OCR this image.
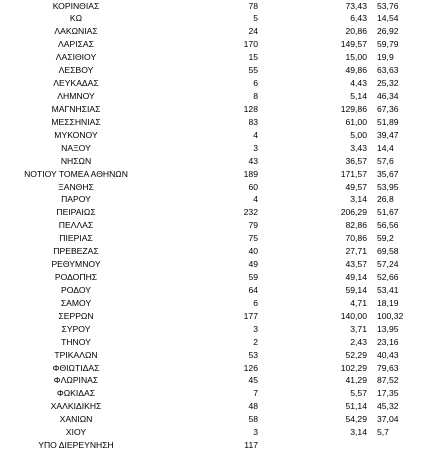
ΚΟΡΙΝΘΙΑΣ	78	73,43 53,76
ΚΩ	5	6,43 14,54
ΛΑΚΩΝΙΑΣ	24	20,86 26,92
ΛΑΡΙΣΑΣ	170	149,57 59,79
ΛΑΣΙΘΙΟΥ	15	15,00 19,9
ΛΕΣΒΟΥ	55	49,86 63,63
ΛΕΥΚΑΔΑΣ	6	4,43 25,32
ΛΗΜΝΟΥ	8	5,14 46,34
ΜΑΓΝΗΣΙΑΣ	128	129,86 67,36
ΜΕΣΣΗΝΙΑΣ	83	61,00 51,89
ΜΥΚΟΝΟΥ	4	5,00 39,47
ΝΑΞΟΥ	3	3,43 14,4
ΝΗΣΩΝ	43	36,57 57,6
ΝΟΤΙΟΥ ΤΟΜΕΑ ΑΘΗΝΩΝ	189	171,57 35,67
ΞΑΝΘΗΣ	60	49,57 53,95
ΠΑΡΟΥ	4	3,14 26,8
ΠΕΙΡΑΙΩΣ	232	206,29 51,67
ΠΕΛΛΑΣ	79	82,86 56,56
ΠΙΕΡΙΑΣ	75	70,86 59,2
ΠΡΕΒΕΖΑΣ	40	27,71 69,58
ΡΕΘΥΜΝΟΥ	49	43,57 57,24
ΡΟΔΟΠΗΣ	59	49,14 52,66
ΡΟΔΟΥ	64	59,14 53,41
ΣΑΜΟΥ	6	4,71 18,19
ΣΕΡΡΩΝ	177	140,00 100,32
ΣΥΡΟΥ	3	3,71 13,95
ΤΗΝΟΥ	2	2,43 23,16
ΤΡΙΚΑΛΩΝ	53	52,29 40,43
ΦΘΙΩΤΙΔΑΣ	126	102,29 79,63
ΦΛΩΡΙΝΑΣ	45	41,29 87,52
ΦΩΚΙΔΑΣ	7	5,57 17,35
ΧΑΛΚΙΔΙΚΗΣ	48	51,14 45,32
ΧΑΝΙΩΝ	58	54,29 37,04
ΧΙΟΥ	3	3,14 5,7
ΥΠΟ ΔΙΕΡΕΥΝΗΣΗ	117
